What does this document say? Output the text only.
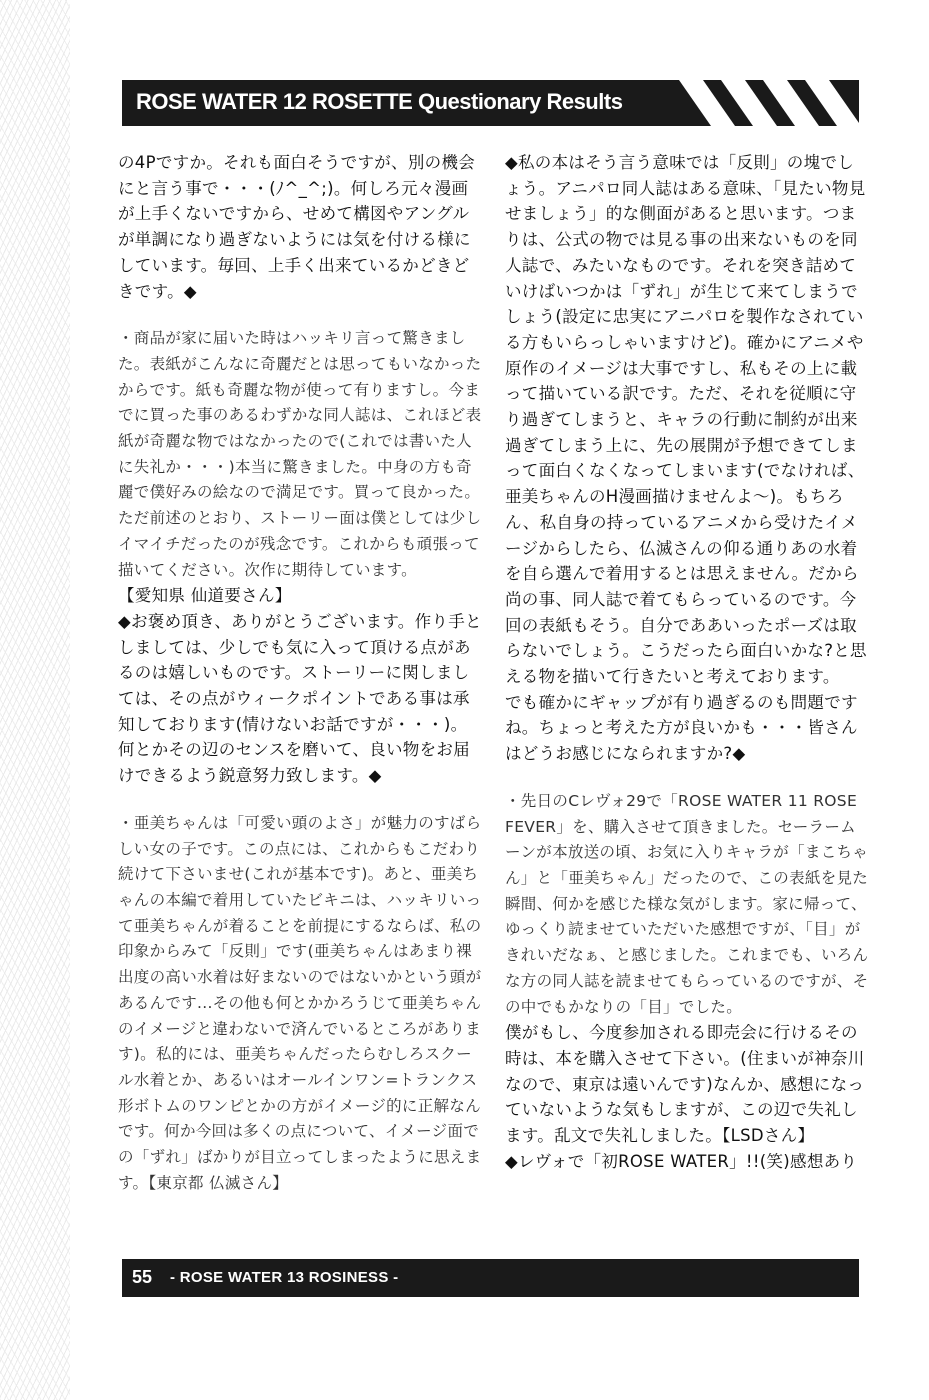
ROSE WATER 12 ROSETTE Questionary Results

の4Pですか。それも面白そうですが、別の機会にと言う事で・・・(ﾉ^_^;)。何しろ元々漫画が上手くないですから、せめて構図やアングルが単調になり過ぎないようには気を付ける様にしています。毎回、上手く出来ているかどきどきです。◆

・商品が家に届いた時はハッキリ言って驚きました。表紙がこんなに奇麗だとは思ってもいなかったからです。紙も奇麗な物が使って有りますし。今までに買った事のあるわずかな同人誌は、これほど表紙が奇麗な物ではなかったので(これでは書いた人に失礼か・・・)本当に驚きました。中身の方も奇麗で僕好みの絵なので満足です。買って良かった。ただ前述のとおり、ストーリー面は僕としては少しイマイチだったのが残念です。これからも頑張って描いてください。次作に期待しています。

【愛知県 仙道要さん】

◆お褒め頂き、ありがとうございます。作り手としましては、少しでも気に入って頂ける点があるのは嬉しいものです。ストーリーに関しましては、その点がウィークポイントである事は承知しております(情けないお話ですが・・・)。何とかその辺のセンスを磨いて、良い物をお届けできるよう鋭意努力致します。◆

・亜美ちゃんは「可愛い頭のよさ」が魅力のすばらしい女の子です。この点には、これからもこだわり続けて下さいませ(これが基本です)。あと、亜美ちゃんの本編で着用していたビキニは、ハッキリいって亜美ちゃんが着ることを前提にするならば、私の印象からみて「反則」です(亜美ちゃんはあまり裸出度の高い水着は好まないのではないかという頭があるんです...その他も何とかかろうじて亜美ちゃんのイメージと違わないで済んでいるところがあります)。私的には、亜美ちゃんだったらむしろスクール水着とか、あるいはオールインワン=トランクス形ボトムのワンピとかの方がイメージ的に正解なんです。何か今回は多くの点について、イメージ面での「ずれ」ばかりが目立ってしまったように思えます。【東京都 仏滅さん】

◆私の本はそう言う意味では「反則」の塊でしょう。アニパロ同人誌はある意味、「見たい物見せましょう」的な側面があると思います。つまりは、公式の物では見る事の出来ないものを同人誌で、みたいなものです。それを突き詰めていけばいつかは「ずれ」が生じて来てしまうでしょう(設定に忠実にアニパロを製作なされている方もいらっしゃいますけど)。確かにアニメや原作のイメージは大事ですし、私もその上に載って描いている訳です。ただ、それを従順に守り過ぎてしまうと、キャラの行動に制約が出来過ぎてしまう上に、先の展開が予想できてしまって面白くなくなってしまいます(でなければ、亜美ちゃんのH漫画描けませんよ～)。もちろん、私自身の持っているアニメから受けたイメージからしたら、仏滅さんの仰る通りあの水着を自ら選んで着用するとは思えません。だから尚の事、同人誌で着てもらっているのです。今回の表紙もそう。自分でああいったポーズは取らないでしょう。こうだったら面白いかな?と思える物を描いて行きたいと考えております。

でも確かにギャップが有り過ぎるのも問題ですね。ちょっと考えた方が良いかも・・・皆さんはどうお感じになられますか?◆

・先日のCレヴォ29で「ROSE WATER 11 ROSE FEVER」を、購入させて頂きました。セーラームーンが本放送の頃、お気に入りキャラが「まこちゃん」と「亜美ちゃん」だったので、この表紙を見た瞬間、何かを感じた様な気がします。家に帰って、ゆっくり読ませていただいた感想ですが、「目」がきれいだなぁ、と感じました。これまでも、いろんな方の同人誌を読ませてもらっているのですが、その中でもかなりの「目」でした。

僕がもし、今度参加される即売会に行けるその時は、本を購入させて下さい。(住まいが神奈川なので、東京は遠いんです)なんか、感想になっていないような気もしますが、この辺で失礼します。乱文で失礼しました。【LSDさん】

◆レヴォで「初ROSE WATER」!!(笑)感想あり

55 - ROSE WATER 13 ROSINESS -
